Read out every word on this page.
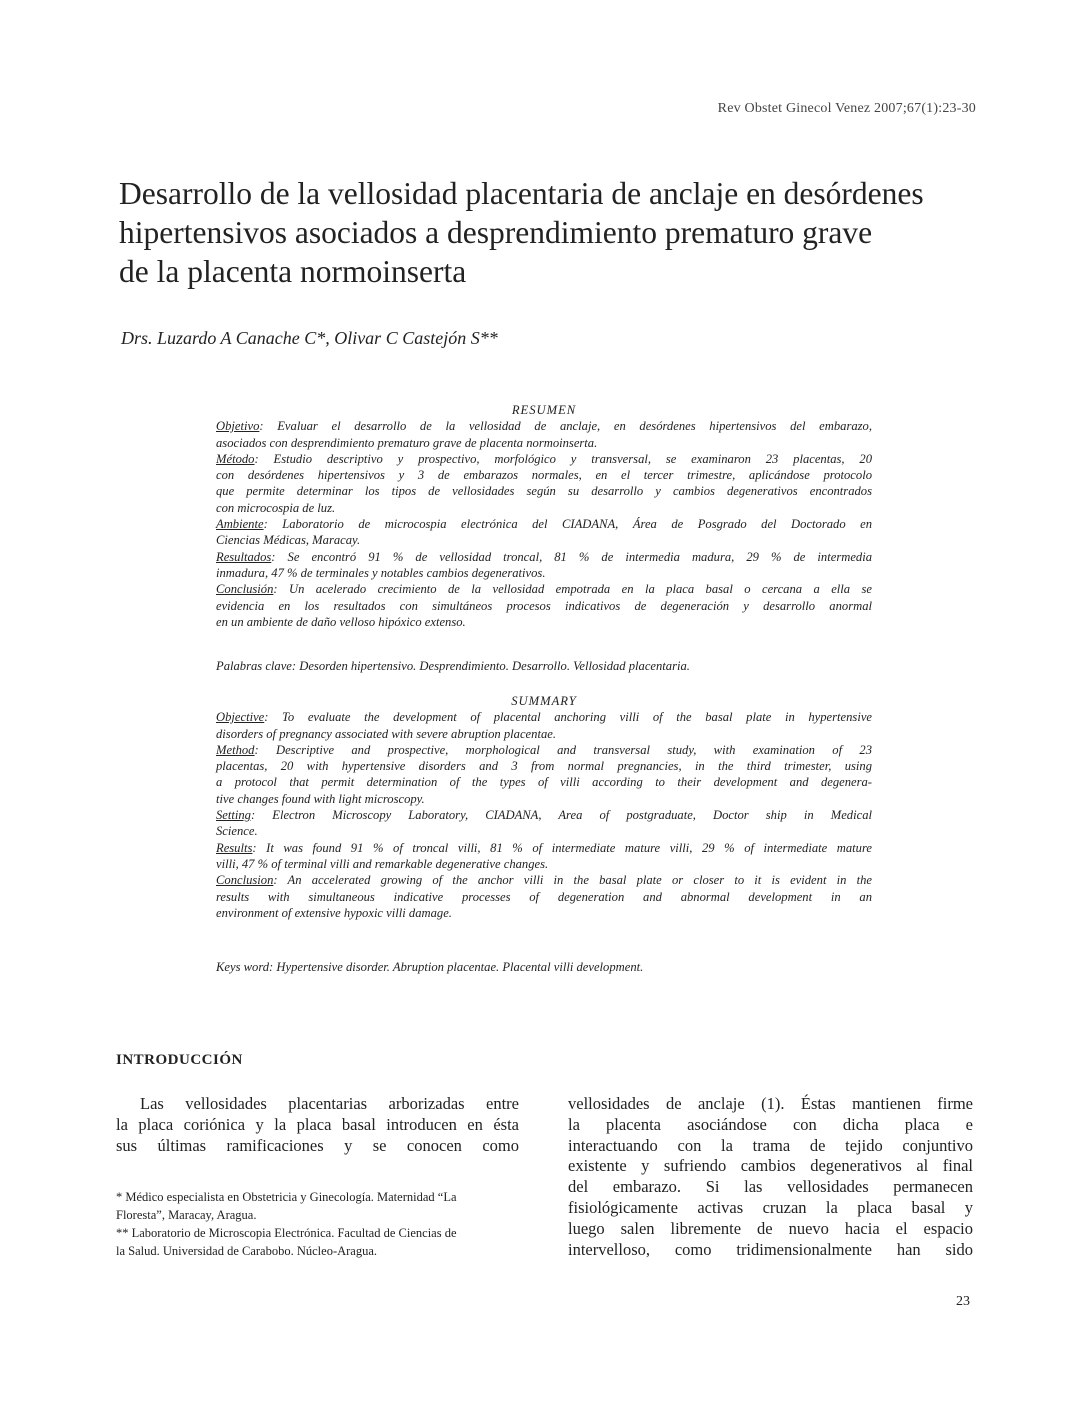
Rev Obstet Ginecol Venez 2007;67(1):23-30
Desarrollo de la vellosidad placentaria de anclaje en desórdenes
hipertensivos asociados a desprendimiento prematuro grave
de la placenta normoinserta
Drs. Luzardo A Canache C*, Olivar C Castejón S**
RESUMEN

Objetivo: Evaluar el desarrollo de la vellosidad de anclaje, en desórdenes hipertensivos del embarazo,
asociados con desprendimiento prematuro grave de placenta normoinserta.

Método: Estudio descriptivo y prospectivo, morfológico y transversal, se examinaron 23 placentas, 20
con desórdenes hipertensivos y 3 de embarazos normales, en el tercer trimestre, aplicándose protocolo
que permite determinar los tipos de vellosidades según su desarrollo y cambios degenerativos encontrados
con microcospia de luz.

Ambiente: Laboratorio de microcospia electrónica del CIADANA, Área de Posgrado del Doctorado en
Ciencias Médicas, Maracay.

Resultados: Se encontró 91 % de vellosidad troncal, 81 % de intermedia madura, 29 % de intermedia
inmadura, 47 % de terminales y notables cambios degenerativos.

Conclusión: Un acelerado crecimiento de la vellosidad empotrada en la placa basal o cercana a ella se
evidencia en los resultados con simultáneos procesos indicativos de degeneración y desarrollo anormal
en un ambiente de daño velloso hipóxico extenso.

Palabras clave: Desorden hipertensivo. Desprendimiento. Desarrollo. Vellosidad placentaria.
SUMMARY

Objective: To evaluate the development of placental anchoring villi of the basal plate in hypertensive
disorders of pregnancy associated with severe abruption placentae.

Method: Descriptive and prospective, morphological and transversal study, with examination of 23
placentas, 20 with hypertensive disorders and 3 from normal pregnancies, in the third trimester, using
a protocol that permit determination of the types of villi according to their development and degenera-
tive changes found with light microscopy.

Setting: Electron Microscopy Laboratory, CIADANA, Area of postgraduate, Doctor ship in Medical
Science.

Results: It was found 91 % of troncal villi, 81 % of intermediate mature villi, 29 % of intermediate mature
villi, 47 % of terminal villi and remarkable degenerative changes.

Conclusion: An accelerated growing of the anchor villi in the basal plate or closer to it is evident in the
results with simultaneous indicative processes of degeneration and abnormal development in an
environment of extensive hypoxic villi damage.

Keys word: Hypertensive disorder. Abruption placentae. Placental villi development.
INTRODUCCIÓN
Las vellosidades placentarias arborizadas entre
la placa coriónica y la placa basal introducen en ésta
sus últimas ramificaciones y se conocen como
* Médico especialista en Obstetricia y Ginecología. Maternidad “La
Floresta”, Maracay, Aragua.
** Laboratorio de Microscopia Electrónica. Facultad de Ciencias de
la Salud. Universidad de Carabobo. Núcleo-Aragua.
vellosidades de anclaje (1). Éstas mantienen firme
la placenta asociándose con dicha placa e
interactuando con la trama de tejido conjuntivo
existente y sufriendo cambios degenerativos al final
del embarazo. Si las vellosidades permanecen
fisiológicamente activas cruzan la placa basal y
luego salen libremente de nuevo hacia el espacio
intervelloso, como tridimensionalmente han sido
23
